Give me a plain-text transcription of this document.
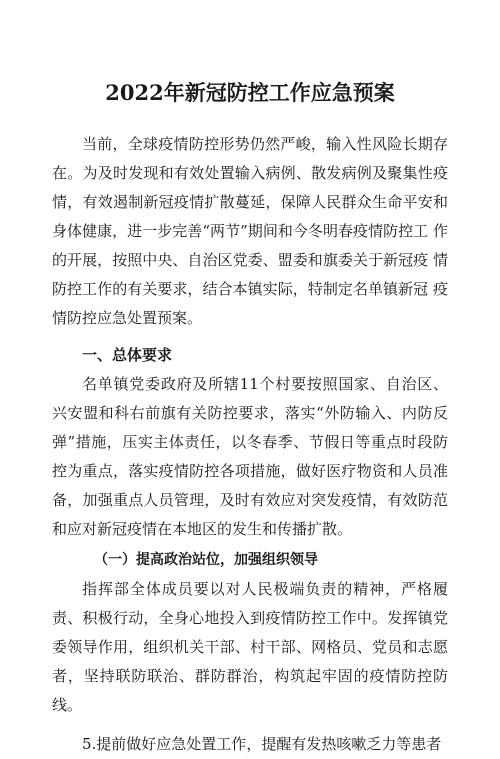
2022年新冠防控工作应急预案

当前，全球疫情防控形势仍然严峻，输入性风险长期存 在。为及时发现和有效处置输入病例、散发病例及聚集性疫 情，有效遏制新冠疫情扩散蔓延，保障人民群众生命平安和 身体健康，进一步完善“两节”期间和今冬明春疫情防控工 作的开展，按照中央、自治区党委、盟委和旗委关于新冠疫 情防控工作的有关要求，结合本镇实际，特制定名单镇新冠 疫情防控应急处置预案。

一、总体要求

名单镇党委政府及所辖11个村要按照国家、自治区、 兴安盟和科右前旗有关防控要求，落实“外防输入、内防反 弹”措施，压实主体责任，以冬春季、节假日等重点时段防 控为重点，落实疫情防控各项措施，做好医疗物资和人员准 备，加强重点人员管理，及时有效应对突发疫情，有效防范 和应对新冠疫情在本地区的发生和传播扩散。

（一）提高政治站位，加强组织领导

指挥部全体成员要以对人民极端负责的精神，严格履 责、积极行动，全身心地投入到疫情防控工作中。发挥镇党 委领导作用，组织机关干部、村干部、网格员、党员和志愿 者，坚持联防联治、群防群治，构筑起牢固的疫情防控防线。

5.提前做好应急处置工作，提醒有发热咳嗽乏力等患者
